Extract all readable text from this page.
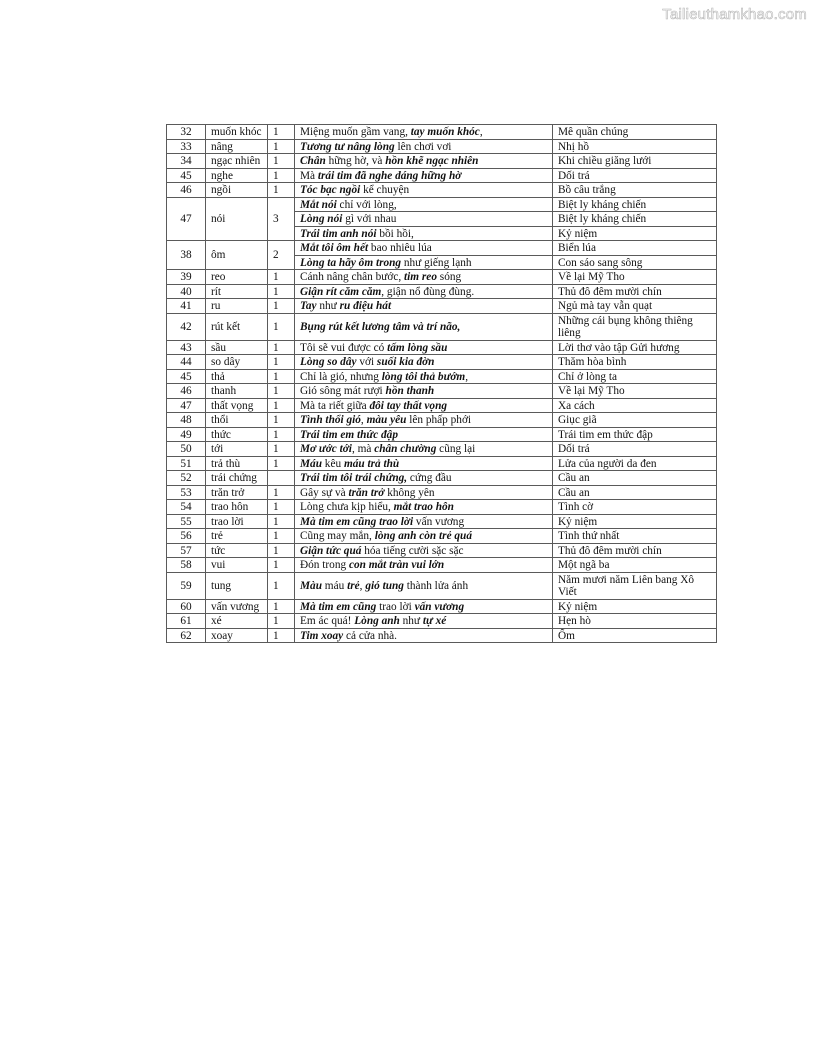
Tailieuthamkhao.com
32	muốn khóc	1	Miệng muốn gầm vang, tay muốn khóc,	Mê quần chúng
33	nâng	1	Tương tư nâng lòng lên chơi vơi	Nhị hồ
34	ngạc nhiên	1	Chân hững hờ, và hồn khẽ ngạc nhiên	Khi chiều giăng lưới
45	nghe	1	Mà trái tim đã nghe dáng hững hờ	Dối trá
46	ngồi	1	Tóc bạc ngồi kể chuyện	Bồ câu trắng
47	nói	3	Mắt nói chỉ với lòng,	Biệt ly kháng chiến
			Lòng nói gì với nhau	Biệt ly kháng chiến
			Trái tim anh nói bồi hồi,	Kỷ niệm
38	ôm	2	Mắt tôi ôm hết bao nhiêu lúa	Biển lúa
			Lòng ta hãy ôm trong như giếng lạnh	Con sáo sang sông
39	reo	1	Cánh nâng chân bước, tim reo sóng	Về lại Mỹ Tho
40	rít	1	Giận rít căm căm, giận nổ đùng đùng.	Thủ đô đêm mười chín
41	ru	1	Tay như ru điệu hát	Ngủ mà tay vẫn quạt
42	rút kết	1	Bụng rút kết lương tâm và trí não,	Những cái bụng không thiêng liêng
43	sầu	1	Tôi sẽ vui được có tấm lòng sầu	Lời thơ vào tập Gửi hương
44	so dây	1	Lòng so dây với suối kia đờn	Thăm hòa bình
45	thả	1	Chỉ là gió, nhưng lòng tôi thả bướm,	Chỉ ở lòng ta
46	thanh	1	Gió sông mát rượi hồn thanh	Về lại Mỹ Tho
47	thất vọng	1	Mà ta riết giữa đôi tay thất vọng	Xa cách
48	thổi	1	Tình thổi gió, màu yêu lên phấp phới	Giục giã
49	thức	1	Trái tim em thức đập	Trái tim em thức đập
50	tới	1	Mơ ước tới, mà chân chường cũng lại	Dối trá
51	trả thù	1	Máu kêu máu trả thù	Lửa của người da đen
52	trái chứng		Trái tim tôi trái chứng, cứng đầu	Cầu an
53	trăn trở	1	Gây sự và trăn trở không yên	Cầu an
54	trao hôn	1	Lòng chưa kịp hiểu, mắt trao hôn	Tình cờ
55	trao lời	1	Mà tim em cũng trao lời vấn vương	Kỷ niệm
56	trẻ	1	Cũng may mắn, lòng anh còn trẻ quá	Tình thứ nhất
57	tức	1	Giận tức quá hóa tiếng cười sặc sặc	Thủ đô đêm mười chín
58	vui	1	Đón trong con mắt tràn vui lớn	Một ngã ba
59	tung	1	Màu máu trẻ, gió tung thành lửa ánh	Năm mươi năm Liên bang Xô Viết
60	vấn vương	1	Mà tim em cũng trao lời vấn vương	Kỷ niệm
61	xé	1	Em ác quá! Lòng anh như tự xé	Hẹn hò
62	xoay	1	Tim xoay cả cửa nhà.	Ốm
